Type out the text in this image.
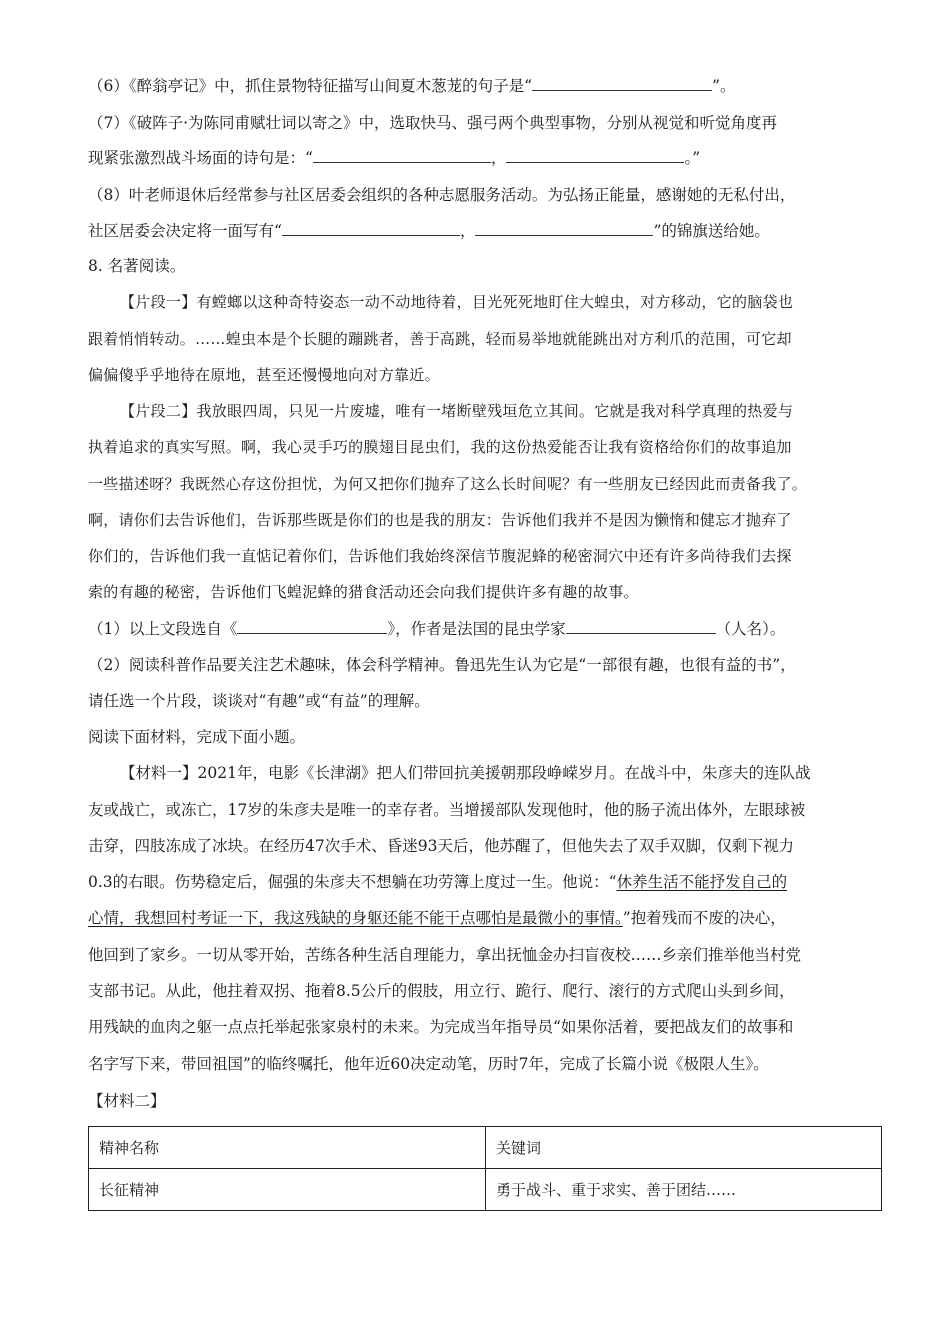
（6）《醉翁亭记》中，抓住景物特征描写山间夏木葱茏的句子是“	”。
（7）《破阵子·为陈同甫赋壮词以寄之》中，选取快马、强弓两个典型事物，分别从视觉和听觉角度再
现紧张激烈战斗场面的诗句是：“	，	。”
（8）叶老师退休后经常参与社区居委会组织的各种志愿服务活动。为弘扬正能量，感谢她的无私付出，
社区居委会决定将一面写有“	，	”的锦旗送给她。
8. 名著阅读。
【片段一】有螳螂以这种奇特姿态一动不动地待着，目光死死地盯住大蝗虫，对方移动，它的脑袋也
跟着悄悄转动。……蝗虫本是个长腿的蹦跳者，善于高跳，轻而易举地就能跳出对方利爪的范围，可它却
偏偏傻乎乎地待在原地，甚至还慢慢地向对方靠近。
【片段二】我放眼四周，只见一片废墟，唯有一堵断壁残垣危立其间。它就是我对科学真理的热爱与
执着追求的真实写照。啊，我心灵手巧的膜翅目昆虫们，我的这份热爱能否让我有资格给你们的故事追加
一些描述呀？我既然心存这份担忧，为何又把你们抛弃了这么长时间呢？有一些朋友已经因此而责备我了。
啊，请你们去告诉他们，告诉那些既是你们的也是我的朋友：告诉他们我并不是因为懒惰和健忘才抛弃了
你们的，告诉他们我一直惦记着你们，告诉他们我始终深信节腹泥蜂的秘密洞穴中还有许多尚待我们去探
索的有趣的秘密，告诉他们飞蝗泥蜂的猎食活动还会向我们提供许多有趣的故事。
（1）以上文段选自《	》，作者是法国的昆虫学家	（人名）。
（2）阅读科普作品要关注艺术趣味，体会科学精神。鲁迅先生认为它是“一部很有趣，也很有益的书”，
请任选一个片段，谈谈对“有趣”或“有益”的理解。
阅读下面材料，完成下面小题。
【材料一】2021年，电影《长津湖》把人们带回抗美援朝那段峥嵘岁月。在战斗中，朱彦夫的连队战
友或战亡，或冻亡，17岁的朱彦夫是唯一的幸存者。当增援部队发现他时，他的肠子流出体外，左眼球被
击穿，四肢冻成了冰块。在经历47次手术、昏迷93天后，他苏醒了，但他失去了双手双脚，仅剩下视力
0.3的右眼。伤势稳定后，倔强的朱彦夫不想躺在功劳簿上度过一生。他说：“休养生活不能抒发自己的
心情，我想回村考证一下，我这残缺的身躯还能不能干点哪怕是最微小的事情。”抱着残而不废的决心，
他回到了家乡。一切从零开始，苦练各种生活自理能力，拿出抚恤金办扫盲夜校……乡亲们推举他当村党
支部书记。从此，他拄着双拐、拖着8.5公斤的假肢，用立行、跪行、爬行、滚行的方式爬山头到乡间，
用残缺的血肉之躯一点点托举起张家泉村的未来。为完成当年指导员“如果你活着，要把战友们的故事和
名字写下来，带回祖国”的临终嘱托，他年近60决定动笔，历时7年，完成了长篇小说《极限人生》。
【材料二】
精神名称	关键词
长征精神	勇于战斗、重于求实、善于团结……
